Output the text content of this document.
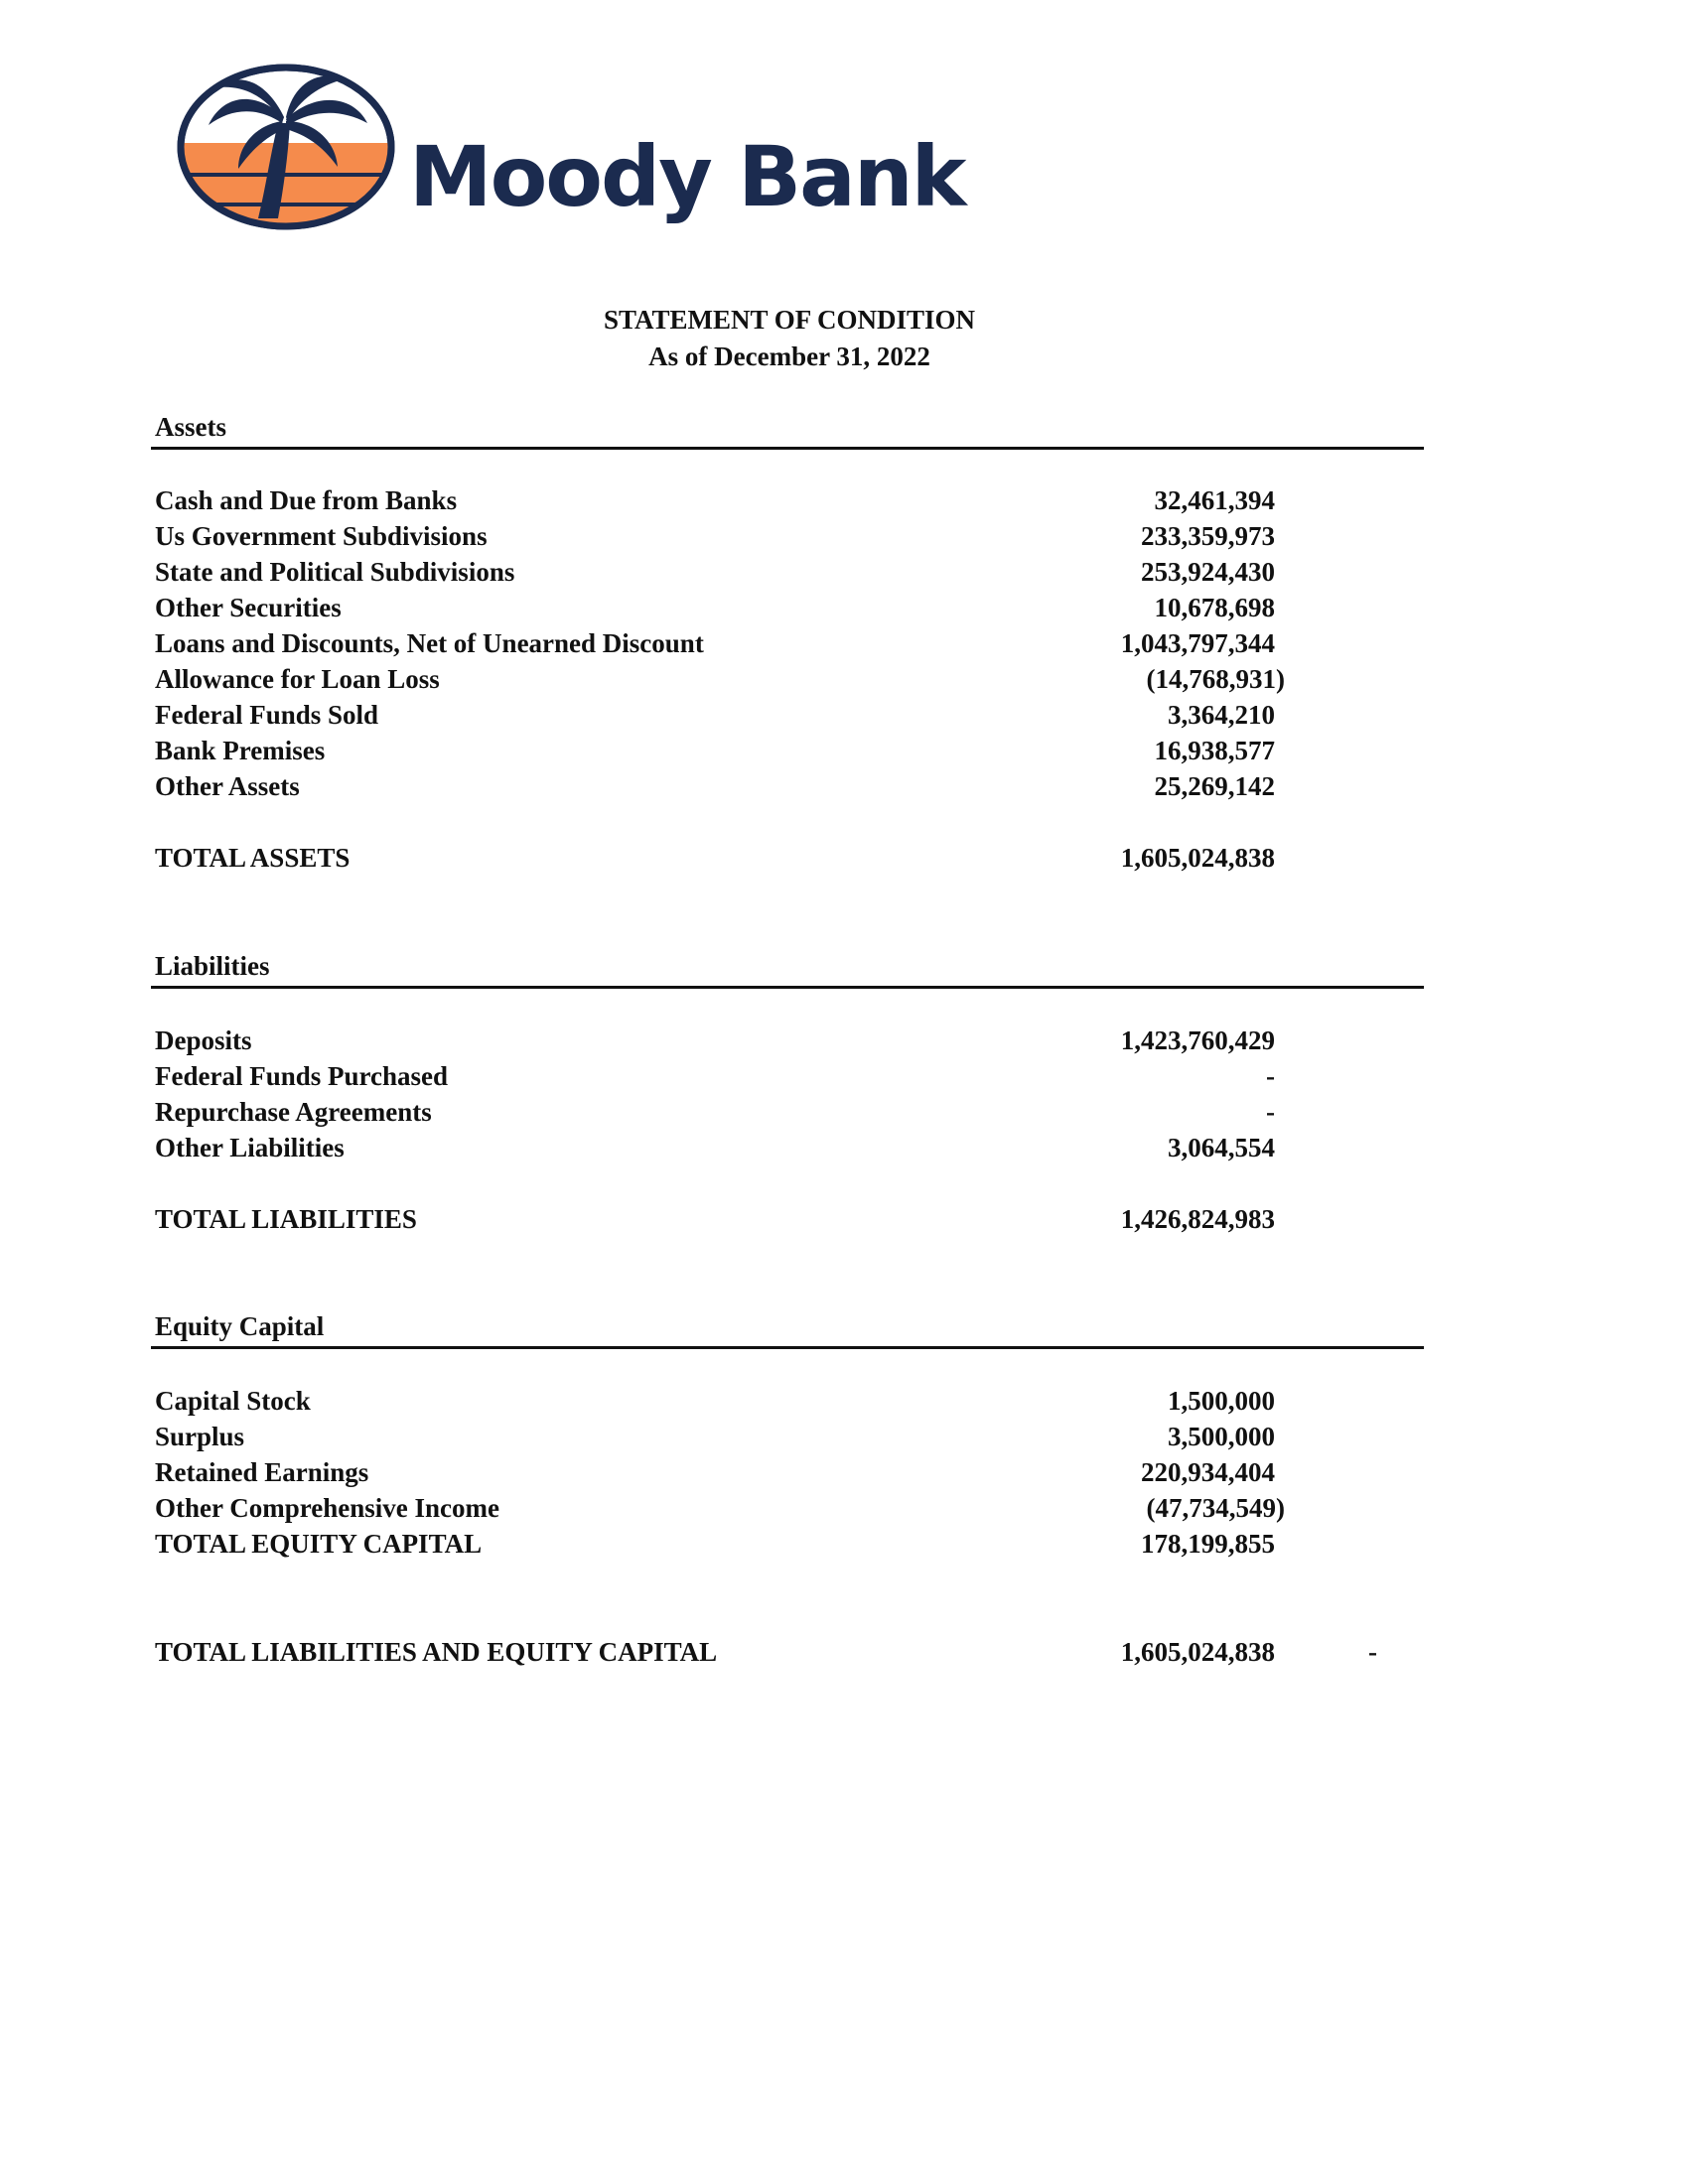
Moody Bank
STATEMENT OF CONDITION
As of December 31, 2022
Assets
Cash and Due from Banks	32,461,394
Us Government Subdivisions	233,359,973
State and Political Subdivisions	253,924,430
Other Securities	10,678,698
Loans and Discounts, Net of Unearned Discount	1,043,797,344
Allowance for Loan Loss	(14,768,931)
Federal Funds Sold	3,364,210
Bank Premises	16,938,577
Other Assets	25,269,142
TOTAL ASSETS	1,605,024,838
Liabilities
Deposits	1,423,760,429
Federal Funds Purchased	-
Repurchase Agreements	-
Other Liabilities	3,064,554
TOTAL LIABILITIES	1,426,824,983
Equity Capital
Capital Stock	1,500,000
Surplus	3,500,000
Retained Earnings	220,934,404
Other Comprehensive Income	(47,734,549)
TOTAL EQUITY CAPITAL	178,199,855
TOTAL LIABILITIES AND EQUITY CAPITAL	1,605,024,838	-
